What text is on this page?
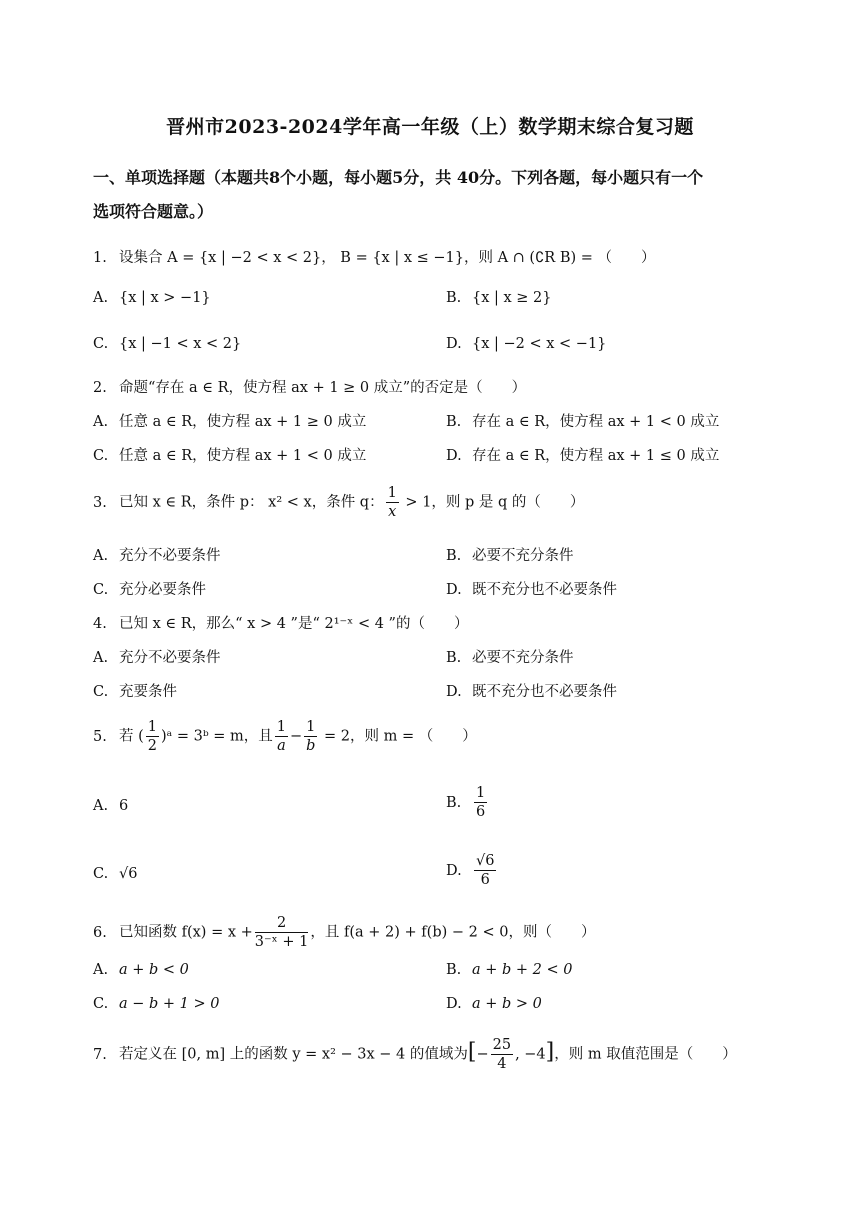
晋州市2023-2024学年高一年级（上）数学期末综合复习题
一、单项选择题（本题共8个小题，每小题5分，共 40分。下列各题，每小题只有一个
选项符合题意。）
1. 设集合 A = {x | −2 < x < 2}， B = {x | x ≤ −1}，则 A ∩ (∁R B) = （　　）
A. {x | x > −1}	B. {x | x ≥ 2}
C. {x | −1 < x < 2}	D. {x | −2 < x < −1}
2. 命题“存在 a ∈ R，使方程 ax + 1 ≥ 0 成立”的否定是（　　）
A. 任意 a ∈ R，使方程 ax + 1 ≥ 0 成立	B. 存在 a ∈ R，使方程 ax + 1 < 0 成立
C. 任意 a ∈ R，使方程 ax + 1 < 0 成立	D. 存在 a ∈ R，使方程 ax + 1 ≤ 0 成立
3. 已知 x ∈ R，条件 p： x² < x，条件 q： $\frac{1}{x} > 1$，则 p 是 q 的（　　）
A. 充分不必要条件	B. 必要不充分条件
C. 充分必要条件	D. 既不充分也不必要条件
4. 已知 x ∈ R，那么“ x > 4 ”是“ 2¹⁻ˣ < 4 ”的（　　）
A. 充分不必要条件	B. 必要不充分条件
C. 充要条件	D. 既不充分也不必要条件
5. 若 ( $\frac{1}{2}$ )ᵃ = 3ᵇ = m，且 $\frac{1}{a} - \frac{1}{b} = 2$，则 m = （　　）
A. 6	B. $\frac{1}{6}$
C. √6	D. $\frac{√6}{6}$
6. 已知函数 $f(x) = x + \frac{2}{\text{3⁻ˣ + 1}}$ ，且 f(a + 2) + f(b) − 2 < 0，则（　　）
A. a + b < 0	B. a + b + 2 < 0
C. a − b + 1 > 0	D. a + b > 0
7. 若定义在 [0, m] 上的函数 y = x² − 3x − 4 的值域为[− $\frac{25}{4}$ , −4]，则 m 取值范围是（　　）
